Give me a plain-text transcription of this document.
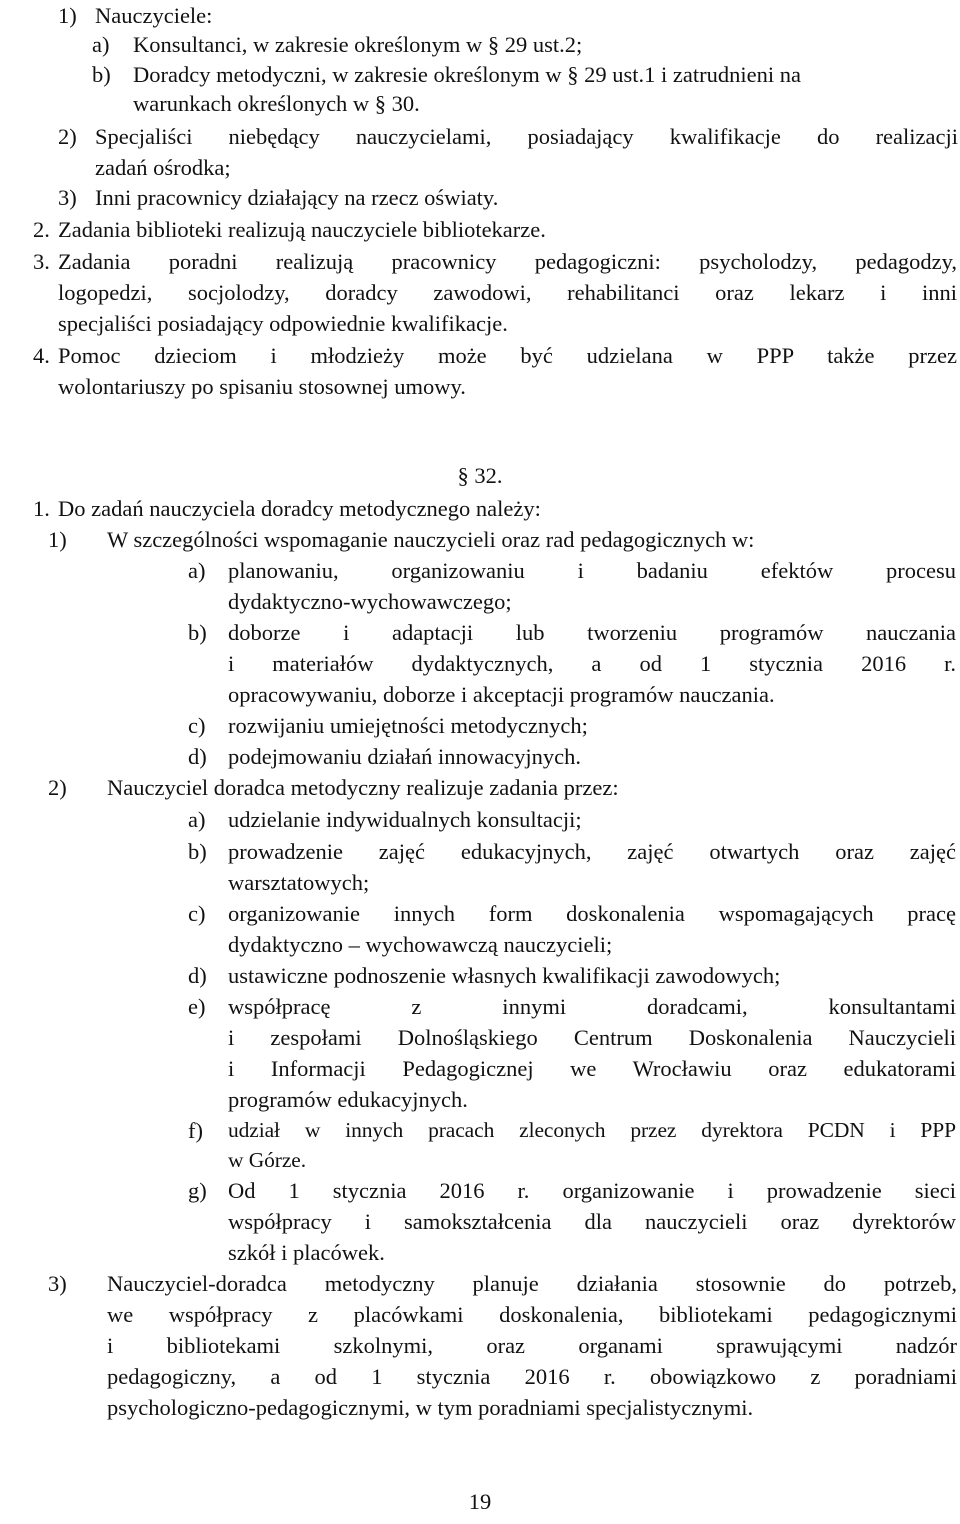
1) Nauczyciele:
a) Konsultanci, w zakresie określonym w § 29 ust.2;
b) Doradcy metodyczni, w zakresie określonym w § 29 ust.1 i zatrudnieni na
warunkach określonych w § 30.
2) Specjaliści niebędący nauczycielami, posiadający kwalifikacje do realizacji
zadań ośrodka;
3) Inni pracownicy działający na rzecz oświaty.
2. Zadania biblioteki realizują nauczyciele bibliotekarze.
3. Zadania poradni realizują pracownicy pedagogiczni: psycholodzy, pedagodzy,
logopedzi, socjolodzy, doradcy zawodowi, rehabilitanci oraz lekarz i inni
specjaliści posiadający odpowiednie kwalifikacje.
4. Pomoc dzieciom i młodzieży może być udzielana w PPP także przez
wolontariuszy po spisaniu stosownej umowy.
§ 32.
1. Do zadań nauczyciela doradcy metodycznego należy:
1) W szczególności wspomaganie nauczycieli oraz rad pedagogicznych w:
a) planowaniu, organizowaniu i badaniu efektów procesu
dydaktyczno-wychowawczego;
b) doborze i adaptacji lub tworzeniu programów nauczania
i materiałów dydaktycznych, a od 1 stycznia 2016 r.
opracowywaniu, doborze i akceptacji programów nauczania.
c) rozwijaniu umiejętności metodycznych;
d) podejmowaniu działań innowacyjnych.
2) Nauczyciel doradca metodyczny realizuje zadania przez:
a) udzielanie indywidualnych konsultacji;
b) prowadzenie zajęć edukacyjnych, zajęć otwartych oraz zajęć
warsztatowych;
c) organizowanie innych form doskonalenia wspomagających pracę
dydaktyczno – wychowawczą nauczycieli;
d) ustawiczne podnoszenie własnych kwalifikacji zawodowych;
e) współpracę z innymi doradcami, konsultantami
i zespołami Dolnośląskiego Centrum Doskonalenia Nauczycieli
i Informacji Pedagogicznej we Wrocławiu oraz edukatorami
programów edukacyjnych.
f) udział w innych pracach zleconych przez dyrektora PCDN i PPP
w Górze.
g) Od 1 stycznia 2016 r. organizowanie i prowadzenie sieci
współpracy i samokształcenia dla nauczycieli oraz dyrektorów
szkół i placówek.
3) Nauczyciel-doradca metodyczny planuje działania stosownie do potrzeb,
we współpracy z placówkami doskonalenia, bibliotekami pedagogicznymi
i bibliotekami szkolnymi, oraz organami sprawującymi nadzór
pedagogiczny, a od 1 stycznia 2016 r. obowiązkowo z poradniami
psychologiczno-pedagogicznymi, w tym poradniami specjalistycznymi.
19
